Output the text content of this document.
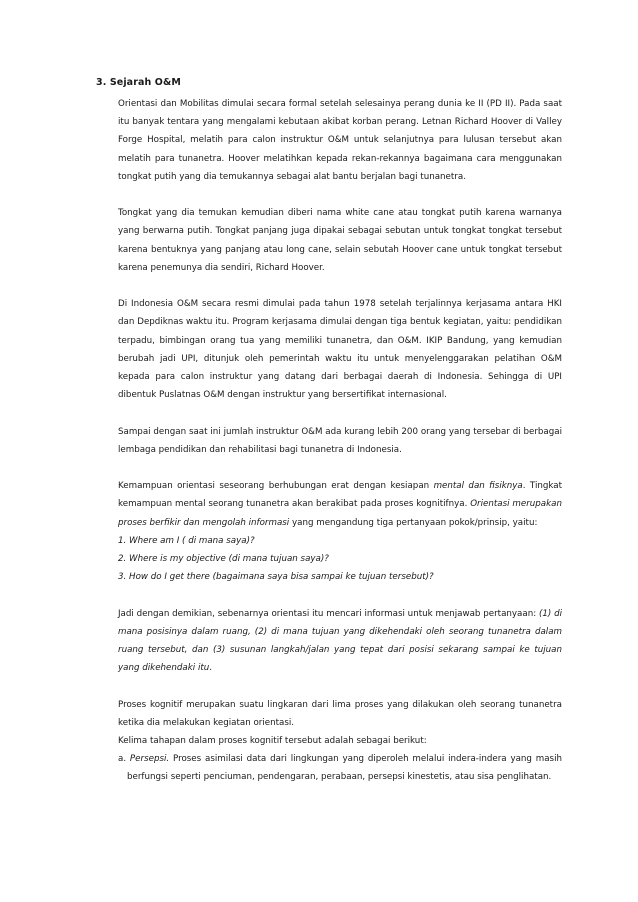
3. Sejarah O&M

Orientasi dan Mobilitas dimulai secara formal setelah selesainya perang dunia ke II (PD II). Pada saat itu banyak tentara yang mengalami kebutaan akibat korban perang. Letnan Richard Hoover di Valley Forge Hospital, melatih para calon instruktur O&M untuk selanjutnya para lulusan tersebut akan melatih para tunanetra. Hoover melatihkan kepada rekan-rekannya bagaimana cara menggunakan tongkat putih yang dia temukannya sebagai alat bantu berjalan bagi tunanetra.

Tongkat yang dia temukan kemudian diberi nama white cane atau tongkat putih karena warnanya yang berwarna putih. Tongkat panjang juga dipakai sebagai sebutan untuk tongkat tongkat tersebut karena bentuknya yang panjang atau long cane, selain sebutah Hoover cane untuk tongkat tersebut karena penemunya dia sendiri, Richard Hoover.

Di Indonesia O&M secara resmi dimulai pada tahun 1978 setelah terjalinnya kerjasama antara HKI dan Depdiknas waktu itu. Program kerjasama dimulai dengan tiga bentuk kegiatan, yaitu: pendidikan terpadu, bimbingan orang tua yang memiliki tunanetra, dan O&M. IKIP Bandung, yang kemudian berubah jadi UPI, ditunjuk oleh pemerintah waktu itu untuk menyelenggarakan pelatihan O&M kepada para calon instruktur yang datang dari berbagai daerah di Indonesia. Sehingga di UPI dibentuk Puslatnas O&M dengan instruktur yang bersertifikat internasional.

Sampai dengan saat ini jumlah instruktur O&M ada kurang lebih 200 orang yang tersebar di berbagai lembaga pendidikan dan rehabilitasi bagi tunanetra di Indonesia.

Kemampuan orientasi seseorang berhubungan erat dengan kesiapan mental dan fisiknya. Tingkat kemampuan mental seorang tunanetra akan berakibat pada proses kognitifnya. Orientasi merupakan proses berfikir dan mengolah informasi yang mengandung tiga pertanyaan pokok/prinsip, yaitu:
1. Where am I ( di mana saya)?
2. Where is my objective (di mana tujuan saya)?
3. How do I get there (bagaimana saya bisa sampai ke tujuan tersebut)?

Jadi dengan demikian, sebenarnya orientasi itu mencari informasi untuk menjawab pertanyaan: (1) di mana posisinya dalam ruang, (2) di mana tujuan yang dikehendaki oleh seorang tunanetra dalam ruang tersebut, dan (3) susunan langkah/jalan yang tepat dari posisi sekarang sampai ke tujuan yang dikehendaki itu.

Proses kognitif merupakan suatu lingkaran dari lima proses yang dilakukan oleh seorang tunanetra ketika dia melakukan kegiatan orientasi.
Kelima tahapan dalam proses kognitif tersebut adalah sebagai berikut:
a. Persepsi. Proses asimilasi data dari lingkungan yang diperoleh melalui indera-indera yang masih berfungsi seperti penciuman, pendengaran, perabaan, persepsi kinestetis, atau sisa penglihatan.
